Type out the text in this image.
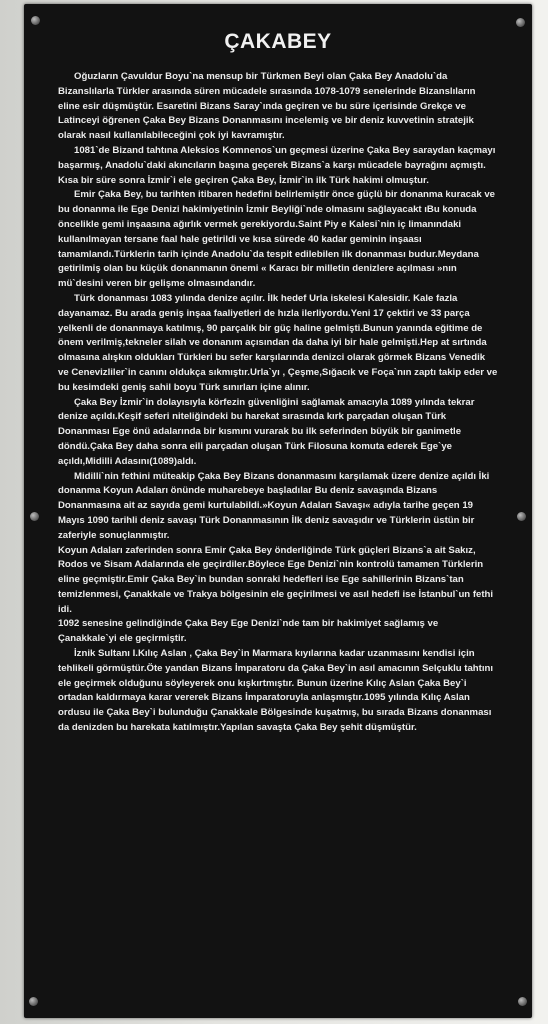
ÇAKABEY

Oğuzların Çavuldur Boyu`na mensup bir Türkmen Beyi olan Çaka Bey Anadolu`da Bizanslılarla Türkler arasında süren mücadele sırasında 1078-1079 senelerinde Bizanslıların eline esir düşmüştür. Esaretini Bizans Saray`ında geçiren ve bu süre içerisinde Grekçe ve Latinceyi öğrenen Çaka Bey Bizans Donanmasını incelemiş ve bir deniz kuvvetinin stratejik olarak nasıl kullanılabileceğini çok iyi kavramıştır.

1081`de Bizand tahtına Aleksios Komnenos`un geçmesi üzerine Çaka Bey saraydan kaçmayı başarmış, Anadolu`daki akıncıların başına geçerek Bizans`a karşı mücadele bayrağını açmıştı. Kısa bir süre sonra İzmir`i ele geçiren Çaka Bey, İzmir`in ilk Türk hakimi olmuştur.

Emir Çaka Bey, bu tarihten itibaren hedefini belirlemiştir önce güçlü bir donanma kuracak ve bu donanma ile Ege Denizi hakimiyetinin İzmir Beyliği`nde olmasını sağlayacakt ıBu konuda öncelikle gemi inşaasına ağırlık vermek gerekiyordu.Saint Piy e Kalesi`nin iç limanındaki kullanılmayan tersane faal hale getirildi ve kısa sürede 40 kadar geminin inşaası tamamlandı.Türklerin tarih içinde Anadolu`da tespit edilebilen ilk donanması budur.Meydana getirilmiş olan bu küçük donanmanın önemi « Karacı bir milletin denizlere açılması »nın mü`desini veren bir gelişme olmasındandır.

Türk donanması 1083 yılında denize açılır. İlk hedef Urla iskelesi Kalesidir. Kale fazla dayanamaz. Bu arada geniş inşaa faaliyetleri de hızla ilerliyordu.Yeni 17 çektiri ve 33 parça yelkenli de donanmaya katılmış, 90 parçalık bir güç haline gelmişti.Bunun yanında eğitime de önem verilmiş,tekneler silah ve donanım açısından da daha iyi bir hale gelmişti.Hep at sırtında olmasına alışkın oldukları Türkleri bu sefer karşılarında denizci olarak görmek Bizans Venedik ve Cenevizliler`in canını oldukça sıkmıştır.Urla`yı , Çeşme,Sığacık ve Foça`nın zaptı takip eder ve bu kesimdeki geniş sahil boyu Türk sınırları içine alınır.

Çaka Bey İzmir`in dolayısıyla körfezin güvenliğini sağlamak amacıyla 1089 yılında tekrar denize açıldı.Keşif seferi niteliğindeki bu harekat sırasında kırk parçadan oluşan Türk Donanması Ege önü adalarında bir kısmını vurarak bu ilk seferinden büyük bir ganimetle döndü.Çaka Bey daha sonra eili parçadan oluşan Türk Filosuna komuta ederek Ege`ye açıldı,Midilli Adasını(1089)aldı.

Midilli`nin fethini müteakip Çaka Bey Bizans donanmasını karşılamak üzere denize açıldı İki donanma Koyun Adaları önünde muharebeye başladılar Bu deniz savaşında Bizans Donanmasına ait az sayıda gemi kurtulabildi.»Koyun Adaları Savaşı« adıyla tarihe geçen 19 Mayıs 1090 tarihli deniz savaşı Türk Donanmasının İlk deniz savaşıdır ve Türklerin üstün bir zaferiyle sonuçlanmıştır.

Koyun Adaları zaferinden sonra Emir Çaka Bey önderliğinde Türk güçleri Bizans`a ait Sakız, Rodos ve Sisam Adalarında ele geçirdiler.Böylece Ege Denizi`nin kontrolü tamamen Türklerin eline geçmiştir.Emir Çaka Bey`in bundan sonraki hedefleri ise Ege sahillerinin Bizans`tan temizlenmesi, Çanakkale ve Trakya bölgesinin ele geçirilmesi ve asıl hedefi ise İstanbul`un fethi idi.

1092 senesine gelindiğinde Çaka Bey Ege Denizi`nde tam bir hakimiyet sağlamış ve Çanakkale`yi ele geçirmiştir.

İznik Sultanı I.Kılıç Aslan , Çaka Bey`in Marmara kıyılarına kadar uzanmasını kendisi için tehlikeli görmüştür.Öte yandan Bizans İmparatoru da Çaka Bey`in asıl amacının Selçuklu tahtını ele geçirmek olduğunu söyleyerek onu kışkırtmıştır. Bunun üzerine Kılıç Aslan Çaka Bey`i ortadan kaldırmaya karar vererek Bizans İmparatoruyla anlaşmıştır.1095 yılında Kılıç Aslan ordusu ile Çaka Bey`i bulunduğu Çanakkale Bölgesinde kuşatmış, bu sırada Bizans donanması da denizden bu harekata katılmıştır.Yapılan savaşta Çaka Bey şehit düşmüştür.
